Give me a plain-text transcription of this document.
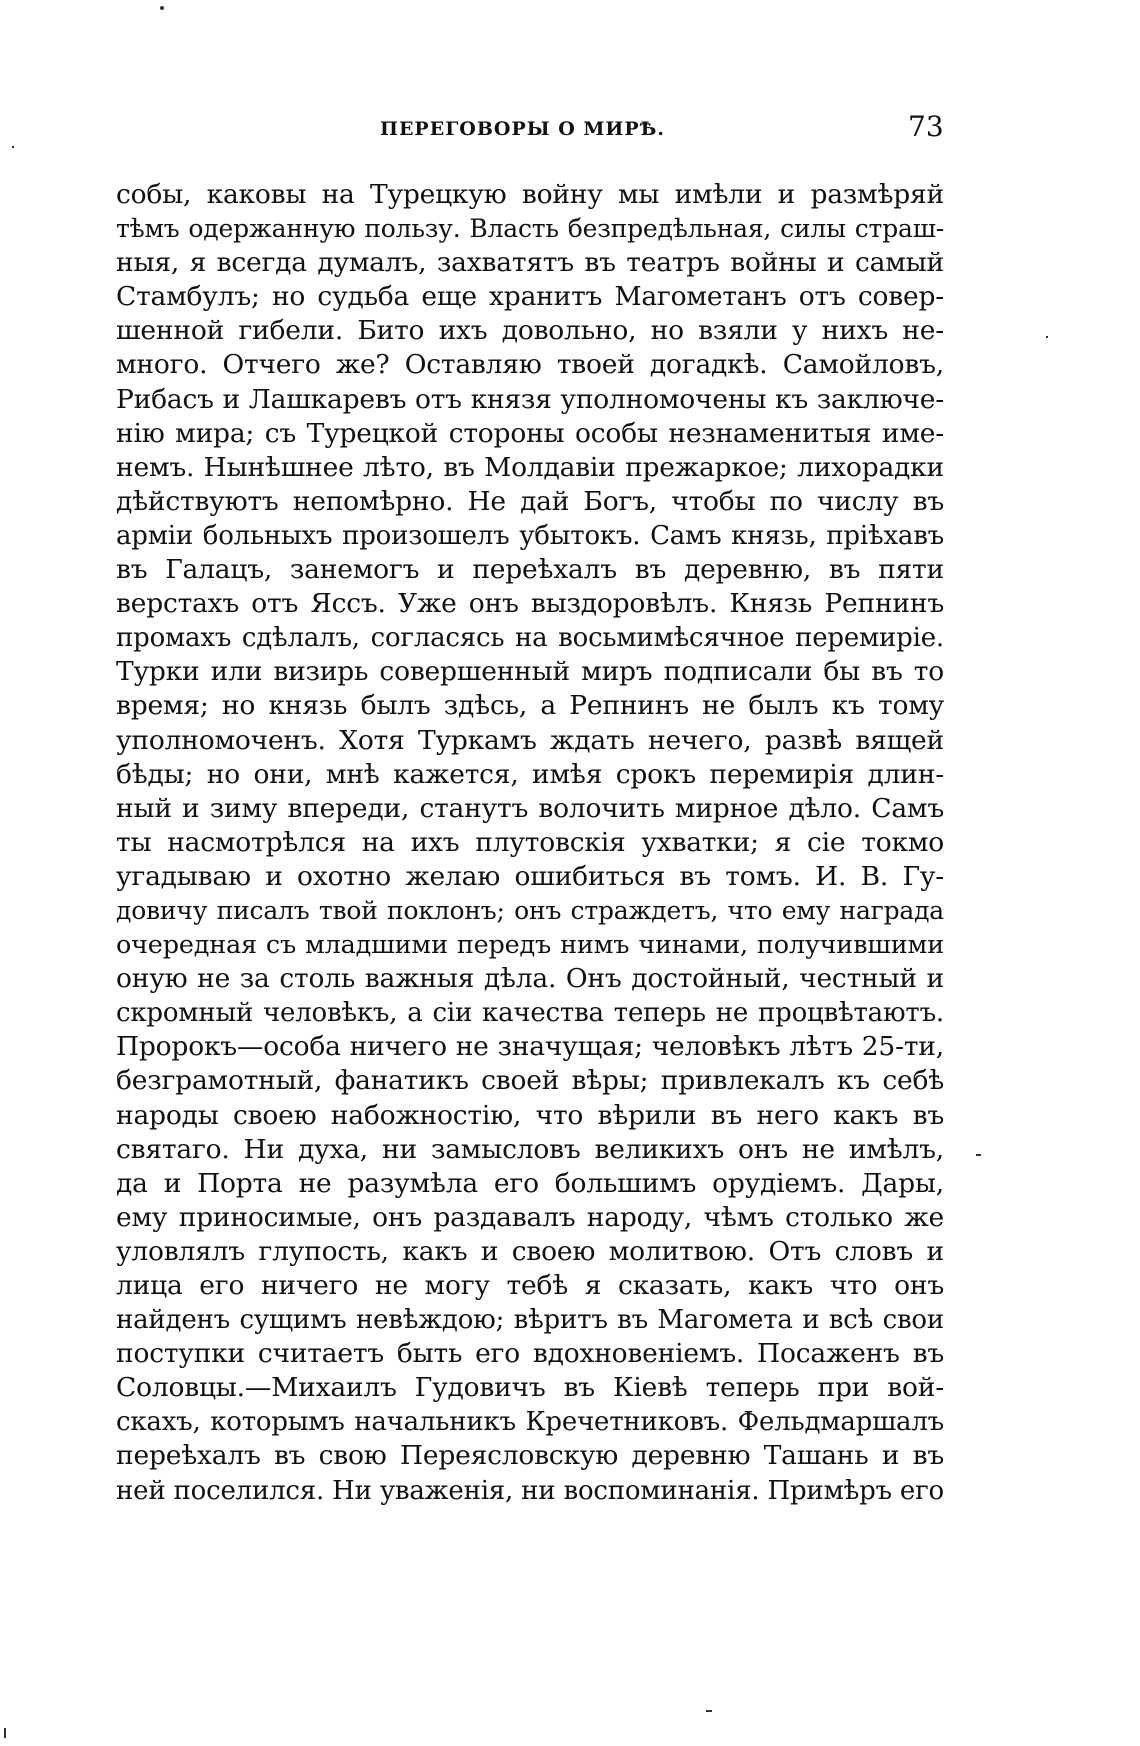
ПЕРЕГОВОРЫ О МИРѢ.	73
собы, каковы на Турецкую войну мы имѣли и размѣряй
тѣмъ одержанную пользу. Власть безпредѣльная, силы страш-
ныя, я всегда думалъ, захватятъ въ театръ войны и самый
Стамбулъ; но судьба еще хранитъ Магометанъ отъ совер-
шенной гибели. Бито ихъ довольно, но взяли у нихъ не-
много. Отчего же? Оставляю твоей догадкѣ. Самойловъ,
Рибасъ и Лашкаревъ отъ князя уполномочены къ заключе-
нію мира; съ Турецкой стороны особы незнаменитыя име-
немъ. Нынѣшнее лѣто, въ Молдавіи прежаркое; лихорадки
дѣйствуютъ непомѣрно. Не дай Богъ, чтобы по числу въ
арміи больныхъ произошелъ убытокъ. Самъ князь, пріѣхавъ
въ Галацъ, занемогъ и переѣхалъ въ деревню, въ пяти
верстахъ отъ Яссъ. Уже онъ выздоровѣлъ. Князь Репнинъ
промахъ сдѣлалъ, согласясь на восьмимѣсячное перемиріе.
Турки или визирь совершенный миръ подписали бы въ то
время; но князь былъ здѣсь, а Репнинъ не былъ къ тому
уполномоченъ. Хотя Туркамъ ждать нечего, развѣ вящей
бѣды; но они, мнѣ кажется, имѣя срокъ перемирія длин-
ный и зиму впереди, станутъ волочить мирное дѣло. Самъ
ты насмотрѣлся на ихъ плутовскія ухватки; я сіе токмо
угадываю и охотно желаю ошибиться въ томъ. И. В. Гу-
довичу писалъ твой поклонъ; онъ страждетъ, что ему награда
очередная съ младшими передъ нимъ чинами, получившими
оную не за столь важныя дѣла. Онъ достойный, честный и
скромный человѣкъ, а сіи качества теперь не процвѣтаютъ.
Пророкъ—особа ничего не значущая; человѣкъ лѣтъ 25-ти,
безграмотный, фанатикъ своей вѣры; привлекалъ къ себѣ
народы своею набожностію, что вѣрили въ него какъ въ
святаго. Ни духа, ни замысловъ великихъ онъ не имѣлъ,
да и Порта не разумѣла его большимъ орудіемъ. Дары,
ему приносимые, онъ раздавалъ народу, чѣмъ столько же
уловлялъ глупость, какъ и своею молитвою. Отъ словъ и
лица его ничего не могу тебѣ я сказать, какъ что онъ
найденъ сущимъ невѣждою; вѣритъ въ Магомета и всѣ свои
поступки считаетъ быть его вдохновеніемъ. Посаженъ въ
Соловцы.—Михаилъ Гудовичъ въ Кіевѣ теперь при вой-
скахъ, которымъ начальникъ Кречетниковъ. Фельдмаршалъ
переѣхалъ въ свою Переясловскую деревню Ташань и въ
ней поселился. Ни уваженія, ни воспоминанія. Примѣръ его
